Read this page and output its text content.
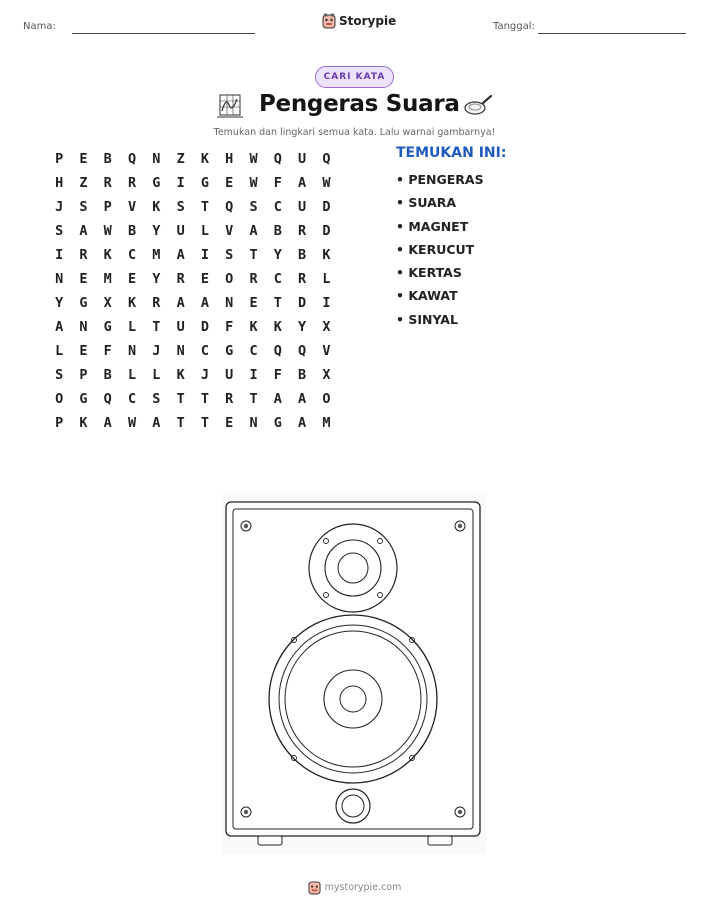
Nama:	Storypie	Tanggal:
CARI KATA
Pengeras Suara
Temukan dan lingkari semua kata. Lalu warnai gambarnya!
P	E	B	Q	N	Z	K	H	W	Q	U	Q
H	Z	R	R	G	I	G	E	W	F	A	W
J	S	P	V	K	S	T	Q	S	C	U	D
S	A	W	B	Y	U	L	V	A	B	R	D
I	R	K	C	M	A	I	S	T	Y	B	K
N	E	M	E	Y	R	E	O	R	C	R	L
Y	G	X	K	R	A	A	N	E	T	D	I
A	N	G	L	T	U	D	F	K	K	Y	X
L	E	F	N	J	N	C	G	C	Q	Q	V
S	P	B	L	L	K	J	U	I	F	B	X
O	G	Q	C	S	T	T	R	T	A	A	O
P	K	A	W	A	T	T	E	N	G	A	M
TEMUKAN INI:
• PENGERAS
• SUARA
• MAGNET
• KERUCUT
• KERTAS
• KAWAT
• SINYAL
mystorypie.com
